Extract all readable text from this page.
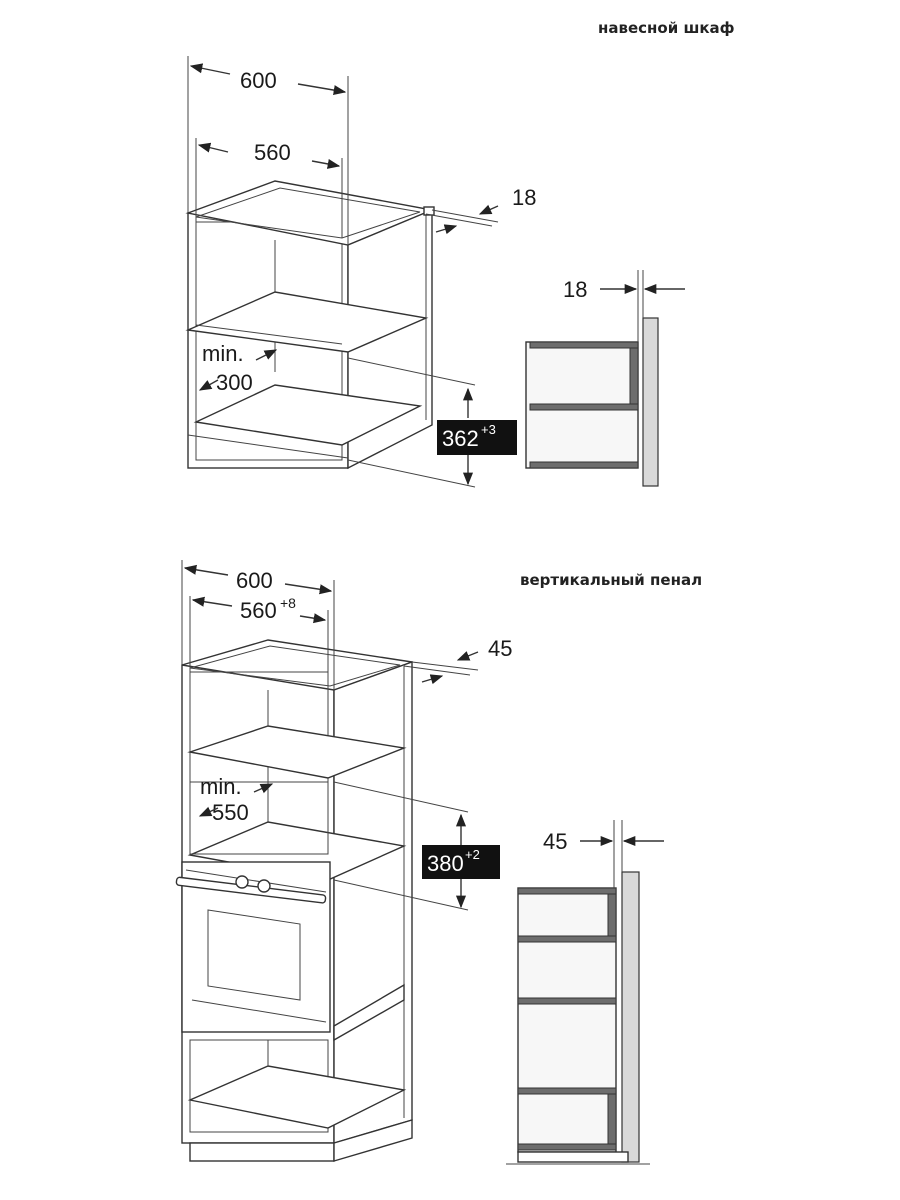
навесной шкаф
600
560
18
min.
300
362 +3
18
вертикальный пенал
600
560 +8
45
min.
550
380 +2
45
